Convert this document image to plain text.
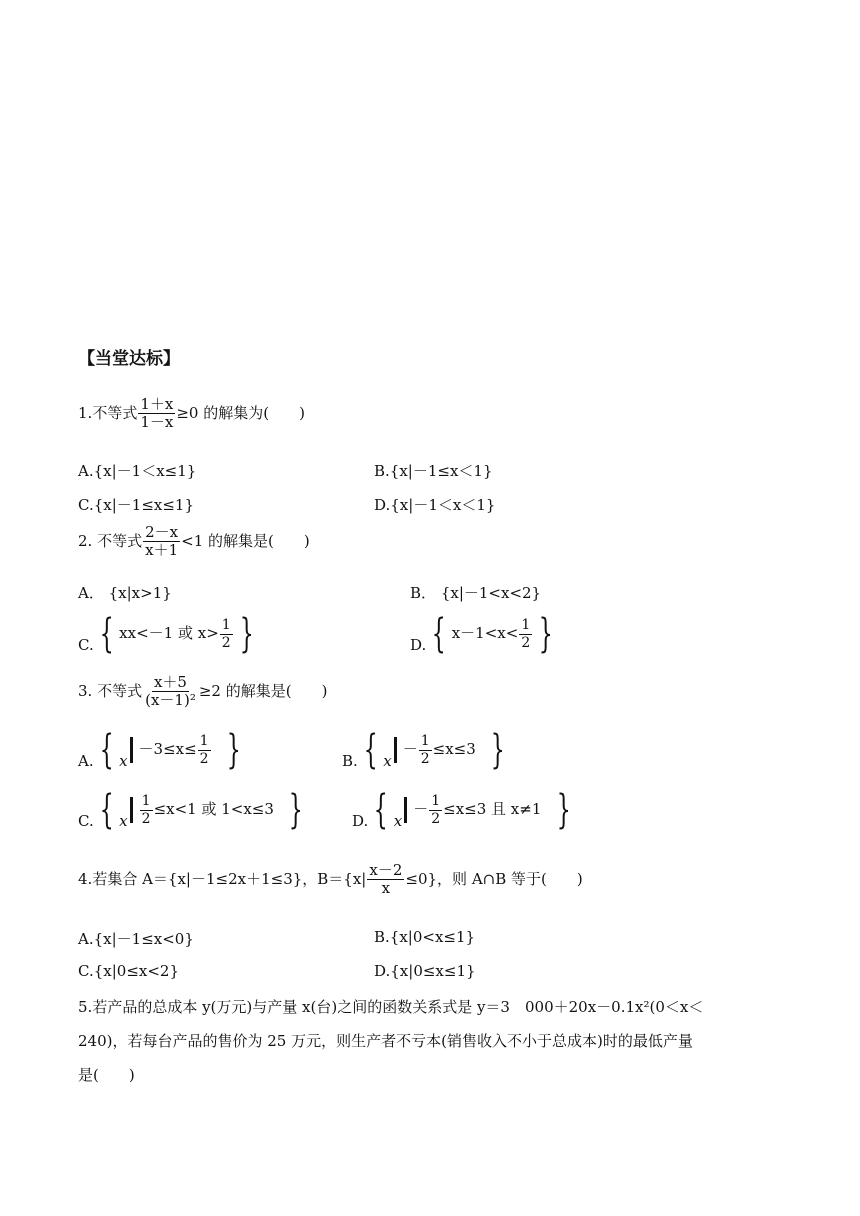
【当堂达标】
1.不等式 $\frac{1+x}{1-x} \ge 0$ 的解集为(　　)
A.{x|－1＜x≤1}	B.{x|－1≤x＜1}
C.{x|－1≤x≤1}	D.{x|－1＜x＜1}
2. 不等式 $\frac{2-x}{x+1} <1$ 的解集是(　　)
A． {x|x>1}	B． {x|－1<x<2}
C. { xx<－1 或 $x> \frac{1}{2}$ }	D. { $x-1<x< \frac{1}{2}$ }
3. 不等式 $\frac{x+5}{\text{(x－1)²}} \ge 2$ 的解集是(　　)
A. { $x-3\le x\le \frac{1}{2}$ }	B. { $x- \frac{1}{2} \le x\le 3$ }
C. { x $\frac{1}{2} \le x<1$ 或 1<x≤3 }	D. { $x- \frac{1}{2} \le x\le 3$ 且 x≠1 }
4.若集合 A＝{x|－1≤2x＋1≤3}，$B=\{x| \frac{x-2}{x} \le 0\}$，则 A∩B 等于(　　)
A.{x|－1≤x<0}	B.{x|0<x≤1}
C.{x|0≤x<2}	D.{x|0≤x≤1}
5.若产品的总成本 y(万元)与产量 x(台)之间的函数关系式是 y＝3　000＋20x－0.1x²(0＜x＜
240)，若每台产品的售价为 25 万元，则生产者不亏本(销售收入不小于总成本)时的最低产量
是(　　)
